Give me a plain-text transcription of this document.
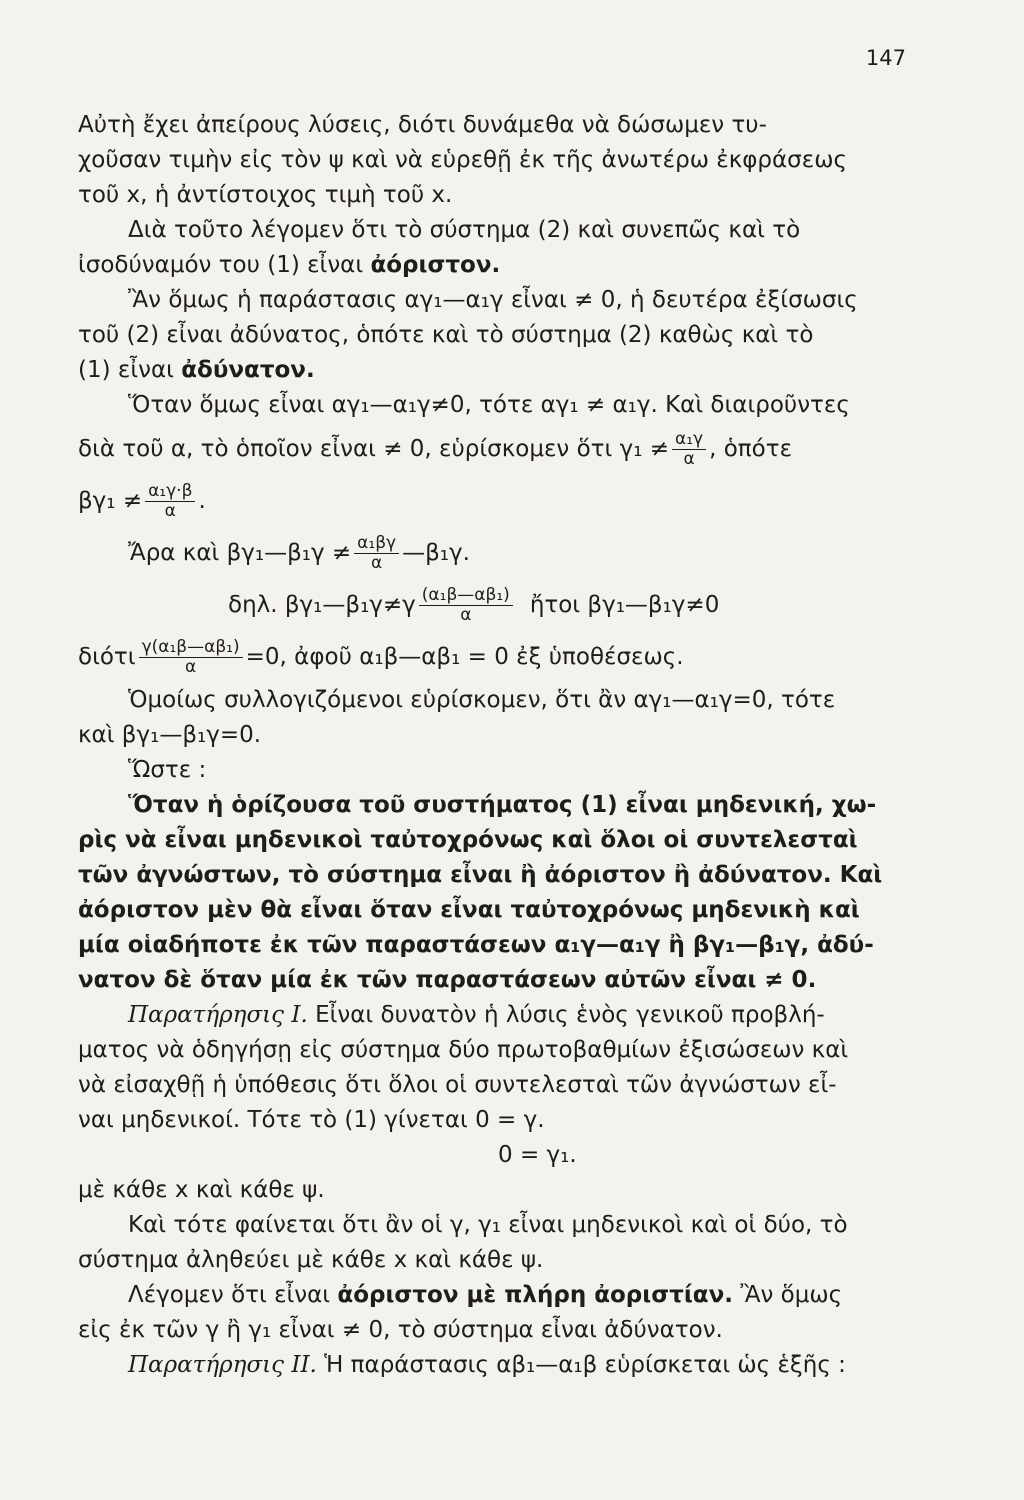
147
Αὐτὴ ἔχει ἀπείρους λύσεις, διότι δυνάμεθα νὰ δώσωμεν τυ-
χοῦσαν τιμὴν εἰς τὸν ψ καὶ νὰ εὑρεθῇ ἐκ τῆς ἀνωτέρω ἐκφράσεως
τοῦ x, ἡ ἀντίστοιχος τιμὴ τοῦ x.
Διὰ τοῦτο λέγομεν ὅτι τὸ σύστημα (2) καὶ συνεπῶς καὶ τὸ
ἰσοδύναμόν του (1) εἶναι
ἀόριστον.
Ἂν ὅμως ἡ παράστασις αγ₁—α₁γ εἶναι ≠ 0, ἡ δευτέρα ἐξίσωσις
τοῦ (2) εἶναι ἀδύνατος, ὁπότε καὶ τὸ σύστημα (2) καθὼς καὶ τὸ
(1) εἶναι
ἀδύνατον.
Ὅταν ὅμως εἶναι αγ₁—α₁γ≠0, τότε αγ₁ ≠ α₁γ. Καὶ διαιροῦντες
διὰ τοῦ α, τὸ ὁποῖον εἶναι ≠ 0, εὑρίσκομεν ὅτι $\gamma_1 \ne \frac{\text{α₁γ}}{\alpha}$ , ὁπότε
$\beta\gamma_1 \ne \frac{\text{α₁γ·β}}{\alpha}$ .
Ἄρα καὶ βγ₁—β₁γ ≠ $\frac{\text{α₁βγ}}{\alpha}$ —β₁γ.
δηλ. βγ₁—β₁γ≠γ $\frac{\text{(α₁β—αβ₁)}}{\alpha}$ ἤτοι βγ₁—β₁γ≠0
διότι $\frac{\text{γ(α₁β—αβ₁)}}{\alpha} =0$, ἀφοῦ α₁β—αβ₁ = 0 ἐξ ὑποθέσεως.
Ὁμοίως συλλογιζόμενοι εὑρίσκομεν, ὅτι ἂν αγ₁—α₁γ=0, τότε
καὶ βγ₁—β₁γ=0.
Ὥστε :
Ὅταν ἡ ὁρίζουσα τοῦ συστήματος (1) εἶναι μηδενική, χω-
ρὶς νὰ εἶναι μηδενικοὶ ταὐτοχρόνως καὶ ὅλοι οἱ συντελεσταὶ
τῶν ἀγνώστων, τὸ σύστημα εἶναι ἢ ἀόριστον ἢ ἀδύνατον. Καὶ
ἀόριστον μὲν θὰ εἶναι ὅταν εἶναι ταὐτοχρόνως μηδενικὴ καὶ
μία οἱαδήποτε ἐκ τῶν παραστάσεων α₁γ—α₁γ ἢ βγ₁—β₁γ, ἀδύ-
νατον δὲ ὅταν μία ἐκ τῶν παραστάσεων αὐτῶν εἶναι ≠ 0.
Παρατήρησις Ι.
Εἶναι δυνατὸν ἡ λύσις ἑνὸς γενικοῦ προβλή-
ματος νὰ ὁδηγήσῃ εἰς σύστημα δύο πρωτοβαθμίων ἐξισώσεων καὶ
νὰ εἰσαχθῇ ἡ ὑπόθεσις ὅτι ὅλοι οἱ συντελεσταὶ τῶν ἀγνώστων εἶ-
ναι μηδενικοί. Τότε τὸ (1) γίνεται 0 = γ.
0 = γ₁.
μὲ κάθε x καὶ κάθε ψ.
Καὶ τότε φαίνεται ὅτι ἂν οἱ γ, γ₁ εἶναι μηδενικοὶ καὶ οἱ δύο, τὸ
σύστημα ἀληθεύει μὲ κάθε x καὶ κάθε ψ.
Λέγομεν ὅτι εἶναι
ἀόριστον μὲ πλήρη ἀοριστίαν.
Ἂν ὅμως
εἰς ἐκ τῶν γ ἢ γ₁ εἶναι ≠ 0, τὸ σύστημα εἶναι ἀδύνατον.
Παρατήρησις ΙΙ.
Ἡ παράστασις αβ₁—α₁β εὑρίσκεται ὡς ἑξῆς :
